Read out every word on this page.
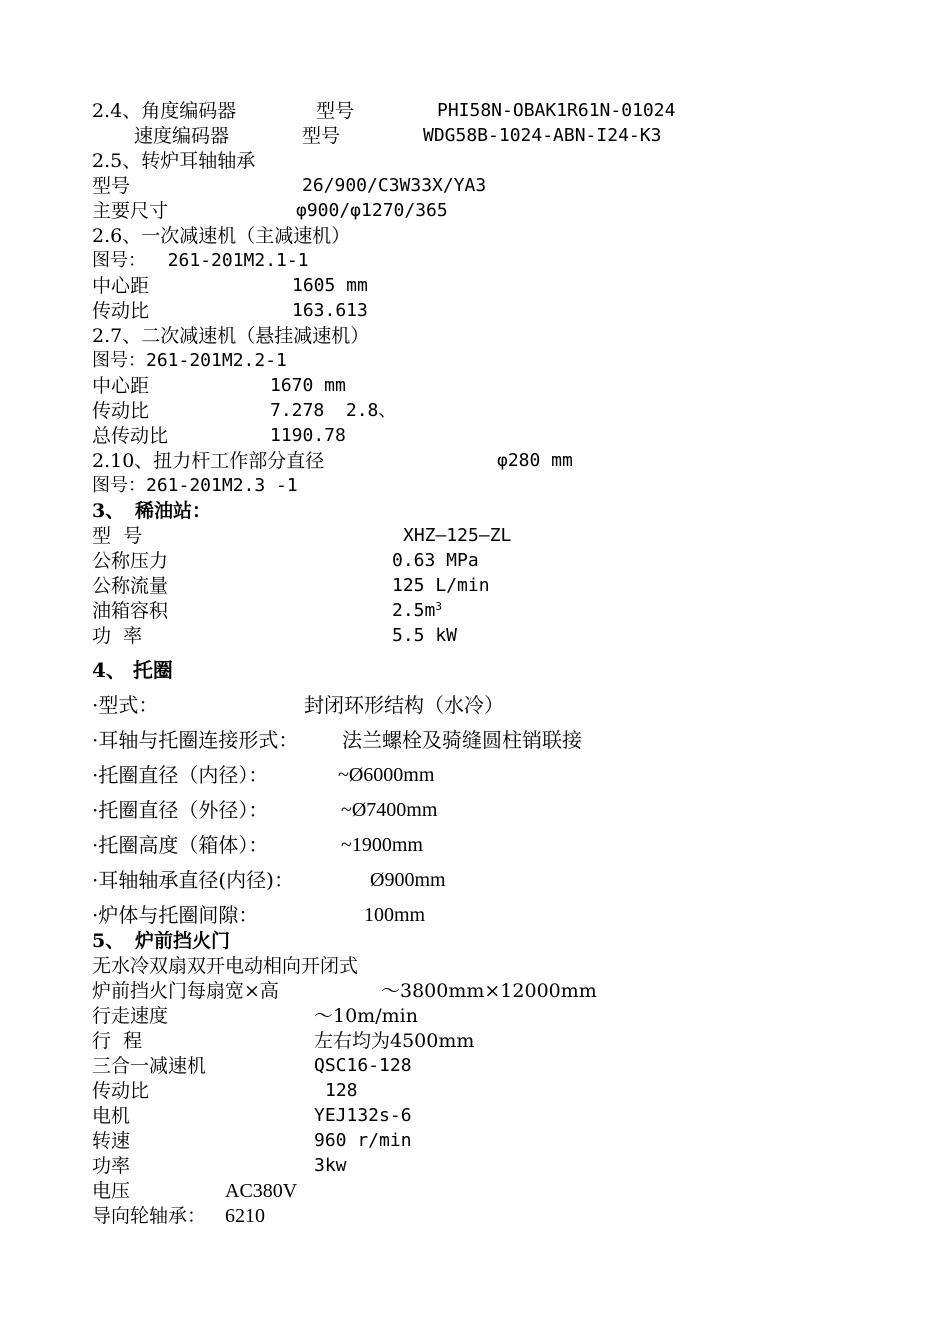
2.4、角度编码器	型号	PHI58N-OBAK1R61N-01024
速度编码器	型号	WDG58B-1024-ABN-I24-K3
2.5、转炉耳轴轴承
型号	26/900/C3W33X/YA3
主要尺寸	φ900/φ1270/365
2.6、一次减速机（主减速机）
图号：  261-201M2.1-1
中心距	1605 mm
传动比	163.613
2.7、二次减速机（悬挂减速机）
图号：261-201M2.2-1
中心距	1670 mm
传动比	7.278  2.8、
总传动比	1190.78
2.10、扭力杆工作部分直径	φ280 mm
图号：261-201M2.3 -1
3、 稀油站：
型  号	XHZ—125—ZL
公称压力	0.63 MPa
公称流量	125 L/min
油箱容积	$2.5m^3$
功  率	5.5 kW
4、 托圈
·型式：	封闭环形结构（水冷）
·耳轴与托圈连接形式： 法兰螺栓及骑缝圆柱销联接
·托圈直径（内径）：	~Ø6000mm
·托圈直径（外径）：	~Ø7400mm
·托圈高度（箱体）：	~1900mm
·耳轴轴承直径(内径)：	Ø900mm
·炉体与托圈间隙：	100mm
5、 炉前挡火门
无水冷双扇双开电动相向开闭式
炉前挡火门每扇宽×高	～3800mm×12000mm
行走速度	～10m/min
行  程	左右均为4500mm
三合一减速机	QSC16-128
传动比	128
电机	YEJ132s-6
转速	960 r/min
功率	3kw
电压	AC380V
导向轮轴承： 6210
